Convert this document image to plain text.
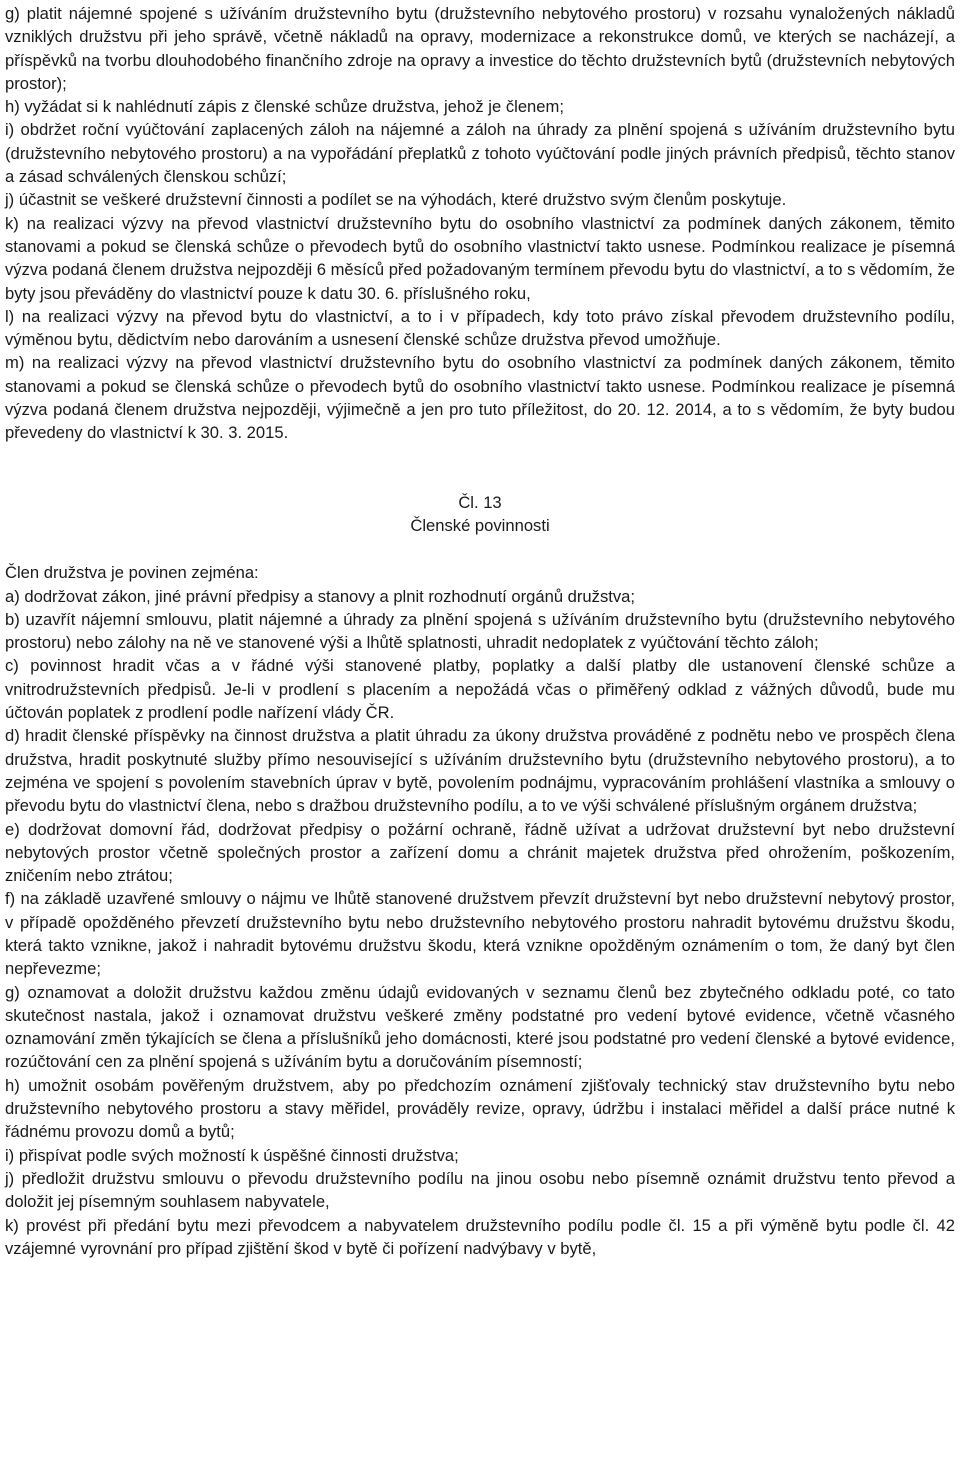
g) platit nájemné spojené s užíváním družstevního bytu (družstevního nebytového prostoru) v rozsahu vynaložených nákladů vzniklých družstvu při jeho správě, včetně nákladů na opravy, modernizace a rekonstrukce domů, ve kterých se nacházejí, a příspěvků na tvorbu dlouhodobého finančního zdroje na opravy a investice do těchto družstevních bytů (družstevních nebytových prostor);

h) vyžádat si k nahlédnutí zápis z členské schůze družstva, jehož je členem;

i) obdržet roční vyúčtování zaplacených záloh na nájemné a záloh na úhrady za plnění spojená s užíváním družstevního bytu (družstevního nebytového prostoru) a na vypořádání přeplatků z tohoto vyúčtování podle jiných právních předpisů, těchto stanov a zásad schválených členskou schůzí;

j) účastnit se veškeré družstevní činnosti a podílet se na výhodách, které družstvo svým členům poskytuje.

k) na realizaci výzvy na převod vlastnictví družstevního bytu do osobního vlastnictví za podmínek daných zákonem, těmito stanovami a pokud se členská schůze o převodech bytů do osobního vlastnictví takto usnese. Podmínkou realizace je písemná výzva podaná členem družstva nejpozději 6 měsíců před požadovaným termínem převodu bytu do vlastnictví, a to s vědomím, že byty jsou převáděny do vlastnictví pouze k datu 30. 6. příslušného roku,

l) na realizaci výzvy na převod bytu do vlastnictví, a to i v případech, kdy toto právo získal převodem družstevního podílu, výměnou bytu, dědictvím nebo darováním a usnesení členské schůze družstva převod umožňuje.

m) na realizaci výzvy na převod vlastnictví družstevního bytu do osobního vlastnictví za podmínek daných zákonem, těmito stanovami a pokud se členská schůze o převodech bytů do osobního vlastnictví takto usnese. Podmínkou realizace je písemná výzva podaná členem družstva nejpozději, výjimečně a jen pro tuto příležitost, do 20. 12. 2014, a to s vědomím, že byty budou převedeny do vlastnictví k 30. 3. 2015.

Čl. 13

Členské povinnosti

Člen družstva je povinen zejména:

a) dodržovat zákon, jiné právní předpisy a stanovy a plnit rozhodnutí orgánů družstva;

b) uzavřít nájemní smlouvu, platit nájemné a úhrady za plnění spojená s užíváním družstevního bytu (družstevního nebytového prostoru) nebo zálohy na ně ve stanovené výši a lhůtě splatnosti, uhradit nedoplatek z vyúčtování těchto záloh;

c) povinnost hradit včas a v řádné výši stanovené platby, poplatky a další platby dle ustanovení členské schůze a vnitrodružstevních předpisů. Je-li v prodlení s placením a nepožádá včas o přiměřený odklad z vážných důvodů, bude mu účtován poplatek z prodlení podle nařízení vlády ČR.

d) hradit členské příspěvky na činnost družstva a platit úhradu za úkony družstva prováděné z podnětu nebo ve prospěch člena družstva, hradit poskytnuté služby přímo nesouvisející s užíváním družstevního bytu (družstevního nebytového prostoru), a to zejména ve spojení s povolením stavebních úprav v bytě, povolením podnájmu, vypracováním prohlášení vlastníka a smlouvy o převodu bytu do vlastnictví člena, nebo s dražbou družstevního podílu, a to ve výši schválené příslušným orgánem družstva;

e) dodržovat domovní řád, dodržovat předpisy o požární ochraně, řádně užívat a udržovat družstevní byt nebo družstevní nebytových prostor včetně společných prostor a zařízení domu a chránit majetek družstva před ohrožením, poškozením, zničením nebo ztrátou;

f) na základě uzavřené smlouvy o nájmu ve lhůtě stanovené družstvem převzít družstevní byt nebo družstevní nebytový prostor, v případě opožděného převzetí družstevního bytu nebo družstevního nebytového prostoru nahradit bytovému družstvu škodu, která takto vznikne, jakož i nahradit bytovému družstvu škodu, která vznikne opožděným oznámením o tom, že daný byt člen nepřevezme;

g) oznamovat a doložit družstvu každou změnu údajů evidovaných v seznamu členů bez zbytečného odkladu poté, co tato skutečnost nastala, jakož i oznamovat družstvu veškeré změny podstatné pro vedení bytové evidence, včetně včasného oznamování změn týkajících se člena a příslušníků jeho domácnosti, které jsou podstatné pro vedení členské a bytové evidence, rozúčtování cen za plnění spojená s užíváním bytu a doručováním písemností;

h) umožnit osobám pověřeným družstvem, aby po předchozím oznámení zjišťovaly technický stav družstevního bytu nebo družstevního nebytového prostoru a stavy měřidel, prováděly revize, opravy, údržbu i instalaci měřidel a další práce nutné k řádnému provozu domů a bytů;

i) přispívat podle svých možností k úspěšné činnosti družstva;

j) předložit družstvu smlouvu o převodu družstevního podílu na jinou osobu nebo písemně oznámit družstvu tento převod a doložit jej písemným souhlasem nabyvatele,

k) provést při předání bytu mezi převodcem a nabyvatelem družstevního podílu podle čl. 15 a při výměně bytu podle čl. 42 vzájemné vyrovnání pro případ zjištění škod v bytě či pořízení nadvýbavy v bytě,
